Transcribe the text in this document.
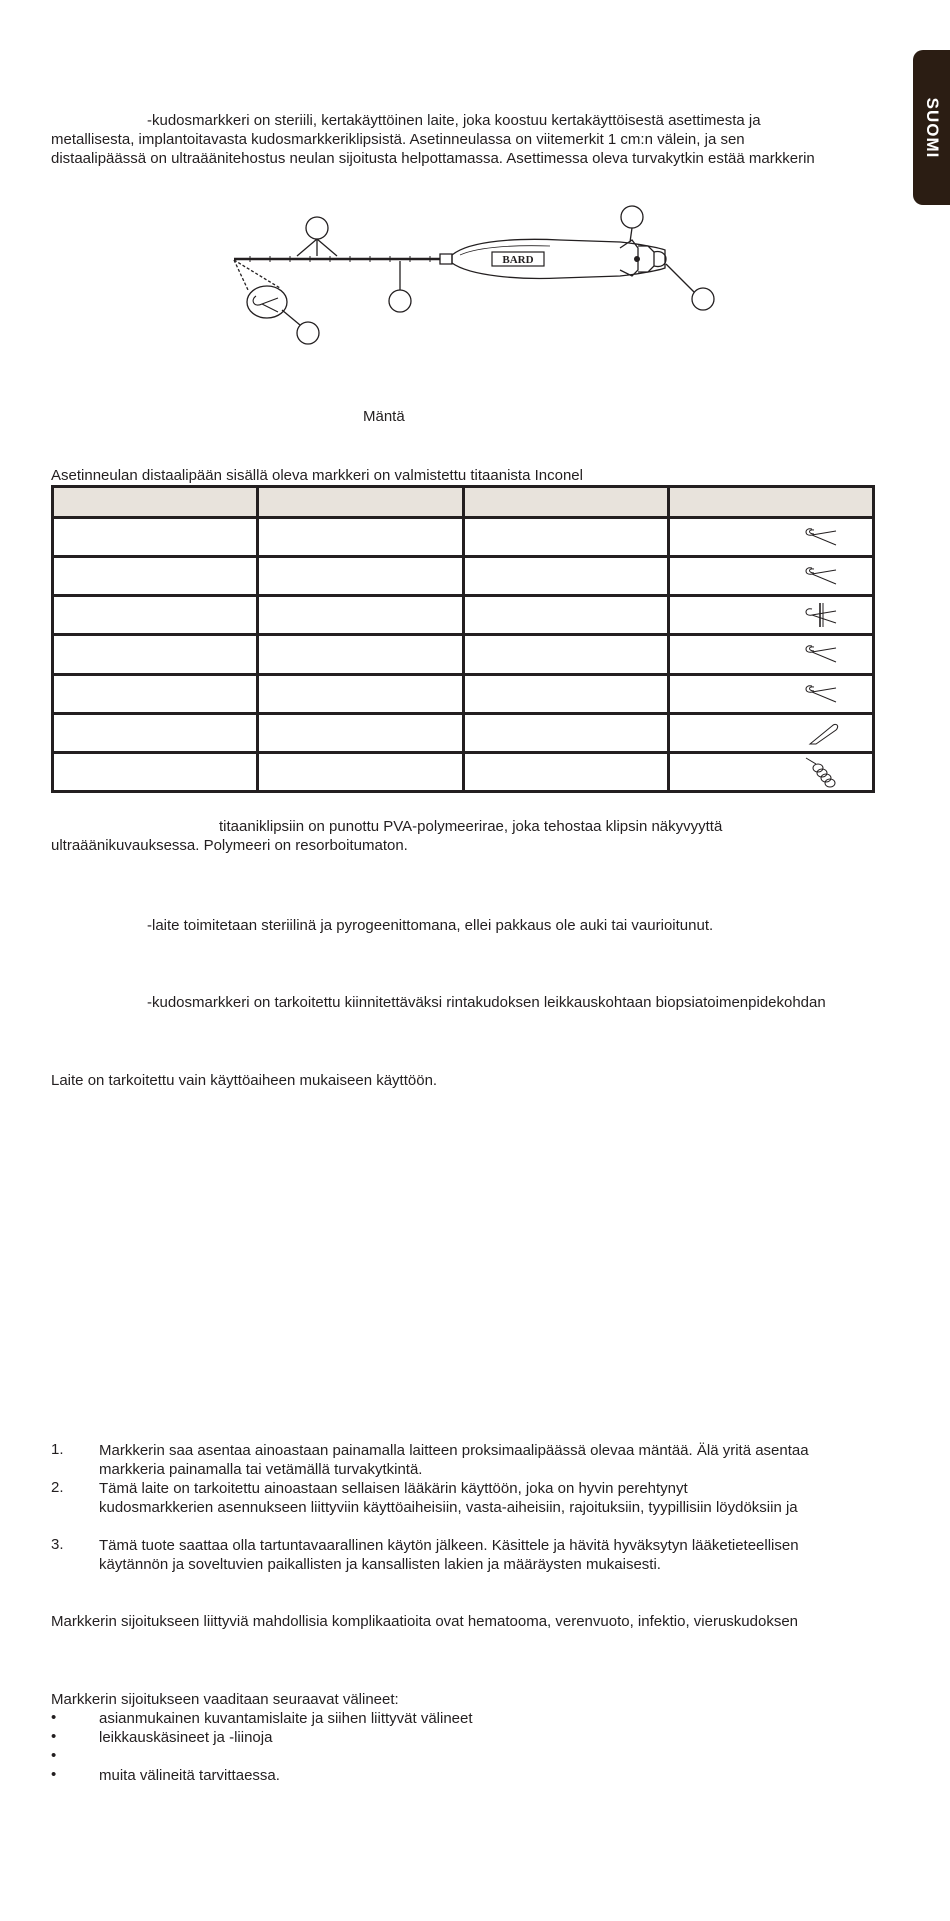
SUOMI
-kudosmarkkeri on steriili, kertakäyttöinen laite, joka koostuu kertakäyttöisestä asettimesta ja
metallisesta, implantoitavasta kudosmarkkeriklipsistä. Asetinneulassa on viitemerkit 1 cm:n välein, ja sen
distaalipäässä on ultraäänitehostus neulan sijoitusta helpottamassa. Asettimessa oleva turvakytkin estää markkerin
BARD
Mäntä
Asetinneulan distaalipään sisällä oleva markkeri on valmistettu titaanista Inconel

titaaniklipsiin on punottu PVA-polymeerirae, joka tehostaa klipsin näkyvyyttä
ultraäänikuvauksessa. Polymeeri on resorboitumaton.
-laite toimitetaan steriilinä ja pyrogeenittomana, ellei pakkaus ole auki tai vaurioitunut.
-kudosmarkkeri on tarkoitettu kiinnitettäväksi rintakudoksen leikkauskohtaan biopsiatoimenpidekohdan
Laite on tarkoitettu vain käyttöaiheen mukaiseen käyttöön.
1. Markkerin saa asentaa ainoastaan painamalla laitteen proksimaalipäässä olevaa mäntää. Älä yritä asentaa
markkeria painamalla tai vetämällä turvakytkintä.
2. Tämä laite on tarkoitettu ainoastaan sellaisen lääkärin käyttöön, joka on hyvin perehtynyt
kudosmarkkerien asennukseen liittyviin käyttöaiheisiin, vasta-aiheisiin, rajoituksiin, tyypillisiin löydöksiin ja
3. Tämä tuote saattaa olla tartuntavaarallinen käytön jälkeen. Käsittele ja hävitä hyväksytyn lääketieteellisen
käytännön ja soveltuvien paikallisten ja kansallisten lakien ja määräysten mukaisesti.
Markkerin sijoitukseen liittyviä mahdollisia komplikaatioita ovat hematooma, verenvuoto, infektio, vieruskudoksen
Markkerin sijoitukseen vaaditaan seuraavat välineet:
•	asianmukainen kuvantamislaite ja siihen liittyvät välineet
•	leikkauskäsineet ja -liinoja
•
•	muita välineitä tarvittaessa.
